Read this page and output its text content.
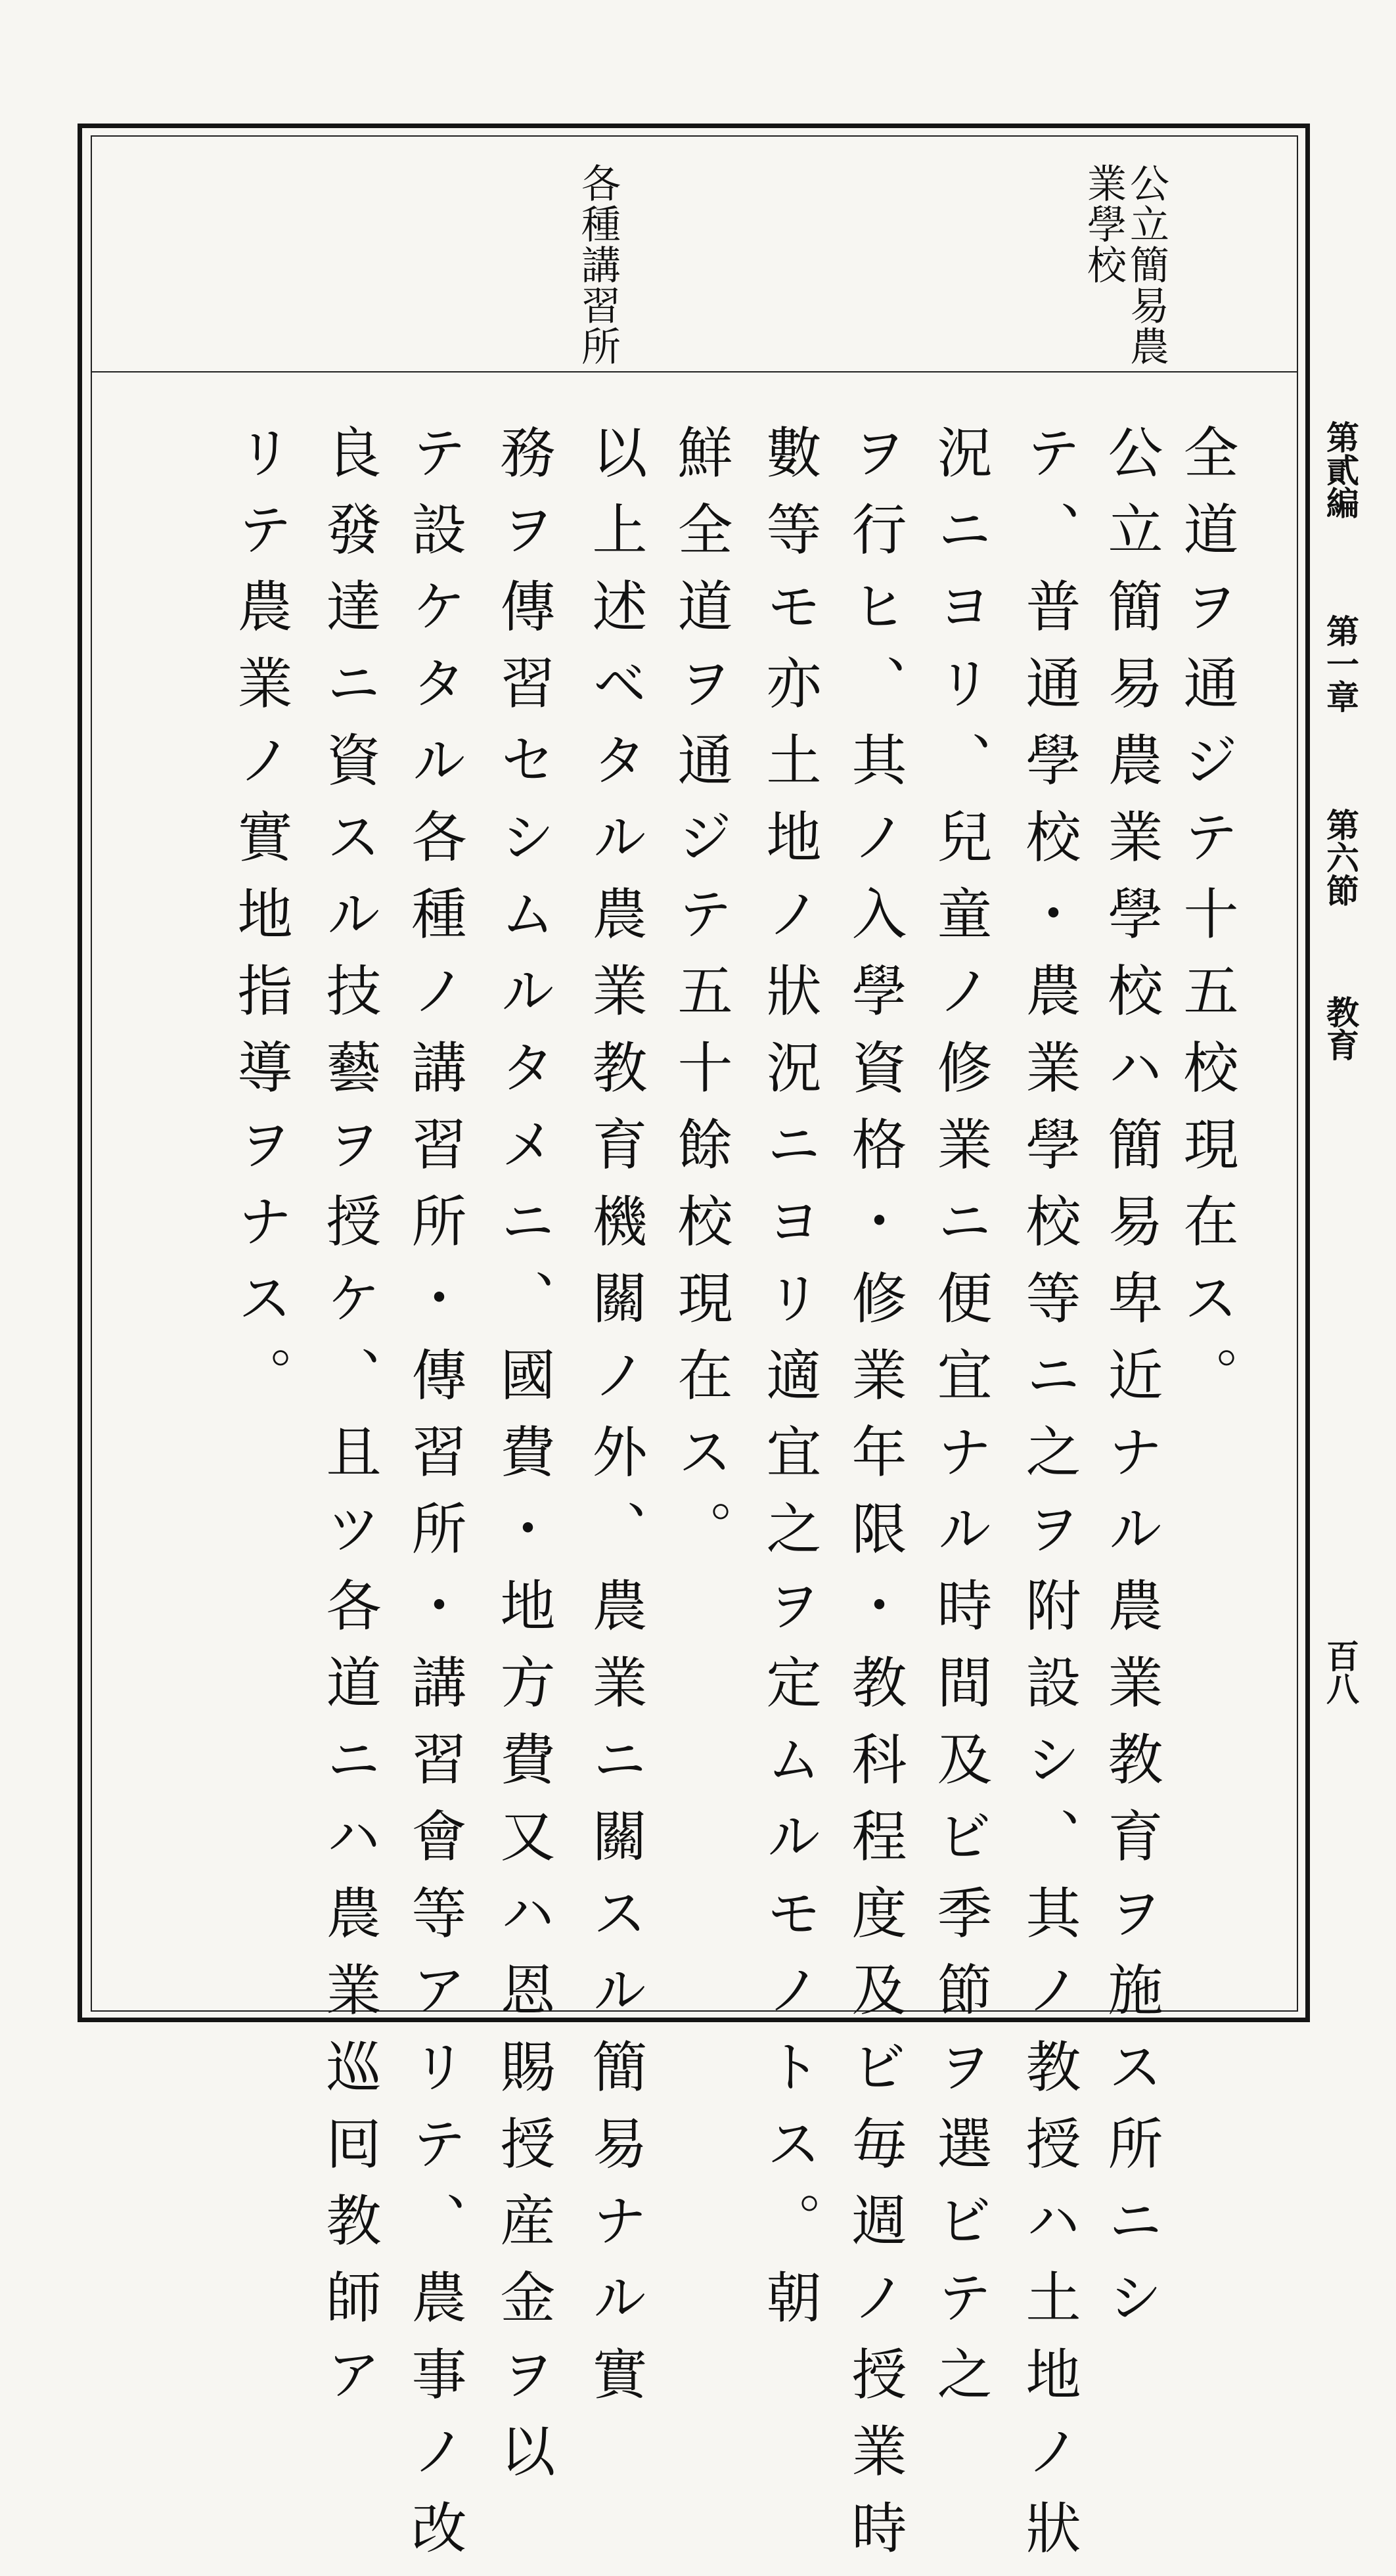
公立簡易農
業學校
各種講習所
全道ヲ通ジテ十五校現在ス。
公立簡易農業學校ハ簡易卑近ナル農業教育ヲ施ス所ニシ
テ、普通學校・農業學校等ニ之ヲ附設シ、其ノ教授ハ土地ノ狀
況ニヨリ、兒童ノ修業ニ便宜ナル時間及ビ季節ヲ選ビテ之
ヲ行ヒ、其ノ入學資格・修業年限・教科程度及ビ毎週ノ授業時
數等モ亦土地ノ狀況ニヨリ適宜之ヲ定ムルモノトス。朝
鮮全道ヲ通ジテ五十餘校現在ス。
以上述ベタル農業教育機關ノ外、農業ニ關スル簡易ナル實
務ヲ傳習セシムルタメニ、國費・地方費又ハ恩賜授産金ヲ以
テ設ケタル各種ノ講習所・傳習所・講習會等アリテ、農事ノ改
良發達ニ資スル技藝ヲ授ケ、且ツ各道ニハ農業巡囘教師ア
リテ農業ノ實地指導ヲナス。	第貳編
第一章
第六節
教育
百八
